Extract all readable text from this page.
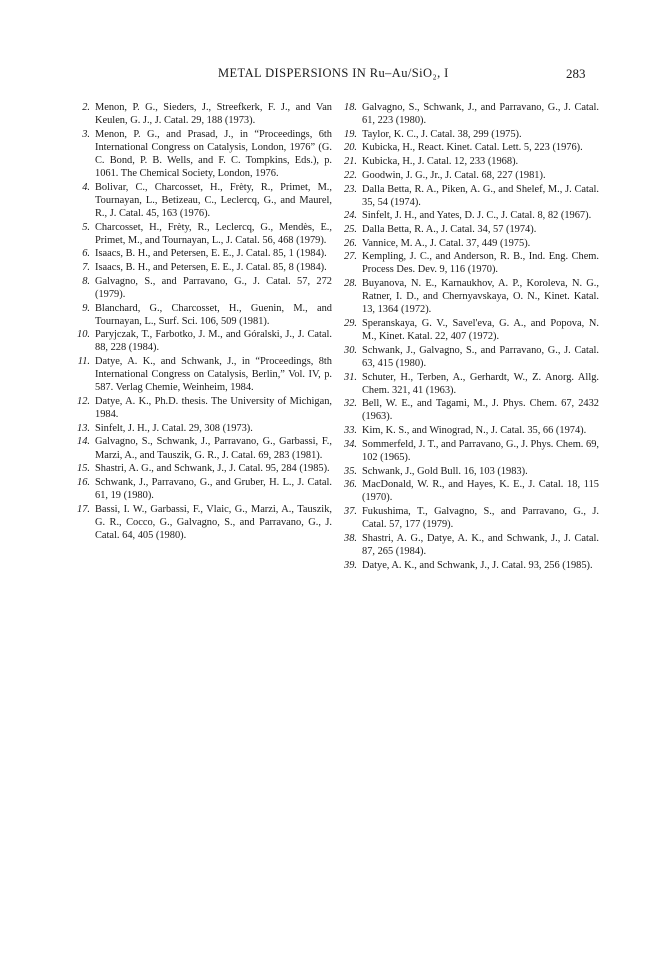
METAL DISPERSIONS IN Ru–Au/SiO₂, I	283
2. Menon, P. G., Sieders, J., Streefkerk, F. J., and Van Keulen, G. J., J. Catal. 29, 188 (1973).
3. Menon, P. G., and Prasad, J., in “Proceedings, 6th International Congress on Catalysis, London, 1976” (G. C. Bond, P. B. Wells, and F. C. Tompkins, Eds.), p. 1061. The Chemical Society, London, 1976.
4. Bolivar, C., Charcosset, H., Frèty, R., Primet, M., Tournayan, L., Betizeau, C., Leclercq, G., and Maurel, R., J. Catal. 45, 163 (1976).
5. Charcosset, H., Frèty, R., Leclercq, G., Mendès, E., Primet, M., and Tournayan, L., J. Catal. 56, 468 (1979).
6. Isaacs, B. H., and Petersen, E. E., J. Catal. 85, 1 (1984).
7. Isaacs, B. H., and Petersen, E. E., J. Catal. 85, 8 (1984).
8. Galvagno, S., and Parravano, G., J. Catal. 57, 272 (1979).
9. Blanchard, G., Charcosset, H., Guenin, M., and Tournayan, L., Surf. Sci. 106, 509 (1981).
10. Paryjczak, T., Farbotko, J. M., and Góralski, J., J. Catal. 88, 228 (1984).
11. Datye, A. K., and Schwank, J., in “Proceedings, 8th International Congress on Catalysis, Berlin,” Vol. IV, p. 587. Verlag Chemie, Weinheim, 1984.
12. Datye, A. K., Ph.D. thesis. The University of Michigan, 1984.
13. Sinfelt, J. H., J. Catal. 29, 308 (1973).
14. Galvagno, S., Schwank, J., Parravano, G., Garbassi, F., Marzi, A., and Tauszik, G. R., J. Catal. 69, 283 (1981).
15. Shastri, A. G., and Schwank, J., J. Catal. 95, 284 (1985).
16. Schwank, J., Parravano, G., and Gruber, H. L., J. Catal. 61, 19 (1980).
17. Bassi, I. W., Garbassi, F., Vlaic, G., Marzi, A., Tauszik, G. R., Cocco, G., Galvagno, S., and Parravano, G., J. Catal. 64, 405 (1980).
18. Galvagno, S., Schwank, J., and Parravano, G., J. Catal. 61, 223 (1980).
19. Taylor, K. C., J. Catal. 38, 299 (1975).
20. Kubicka, H., React. Kinet. Catal. Lett. 5, 223 (1976).
21. Kubicka, H., J. Catal. 12, 233 (1968).
22. Goodwin, J. G., Jr., J. Catal. 68, 227 (1981).
23. Dalla Betta, R. A., Piken, A. G., and Shelef, M., J. Catal. 35, 54 (1974).
24. Sinfelt, J. H., and Yates, D. J. C., J. Catal. 8, 82 (1967).
25. Dalla Betta, R. A., J. Catal. 34, 57 (1974).
26. Vannice, M. A., J. Catal. 37, 449 (1975).
27. Kempling, J. C., and Anderson, R. B., Ind. Eng. Chem. Process Des. Dev. 9, 116 (1970).
28. Buyanova, N. E., Karnaukhov, A. P., Koroleva, N. G., Ratner, I. D., and Chernyavskaya, O. N., Kinet. Katal. 13, 1364 (1972).
29. Speranskaya, G. V., Savel'eva, G. A., and Popova, N. M., Kinet. Katal. 22, 407 (1972).
30. Schwank, J., Galvagno, S., and Parravano, G., J. Catal. 63, 415 (1980).
31. Schuter, H., Terben, A., Gerhardt, W., Z. Anorg. Allg. Chem. 321, 41 (1963).
32. Bell, W. E., and Tagami, M., J. Phys. Chem. 67, 2432 (1963).
33. Kim, K. S., and Winograd, N., J. Catal. 35, 66 (1974).
34. Sommerfeld, J. T., and Parravano, G., J. Phys. Chem. 69, 102 (1965).
35. Schwank, J., Gold Bull. 16, 103 (1983).
36. MacDonald, W. R., and Hayes, K. E., J. Catal. 18, 115 (1970).
37. Fukushima, T., Galvagno, S., and Parravano, G., J. Catal. 57, 177 (1979).
38. Shastri, A. G., Datye, A. K., and Schwank, J., J. Catal. 87, 265 (1984).
39. Datye, A. K., and Schwank, J., J. Catal. 93, 256 (1985).
